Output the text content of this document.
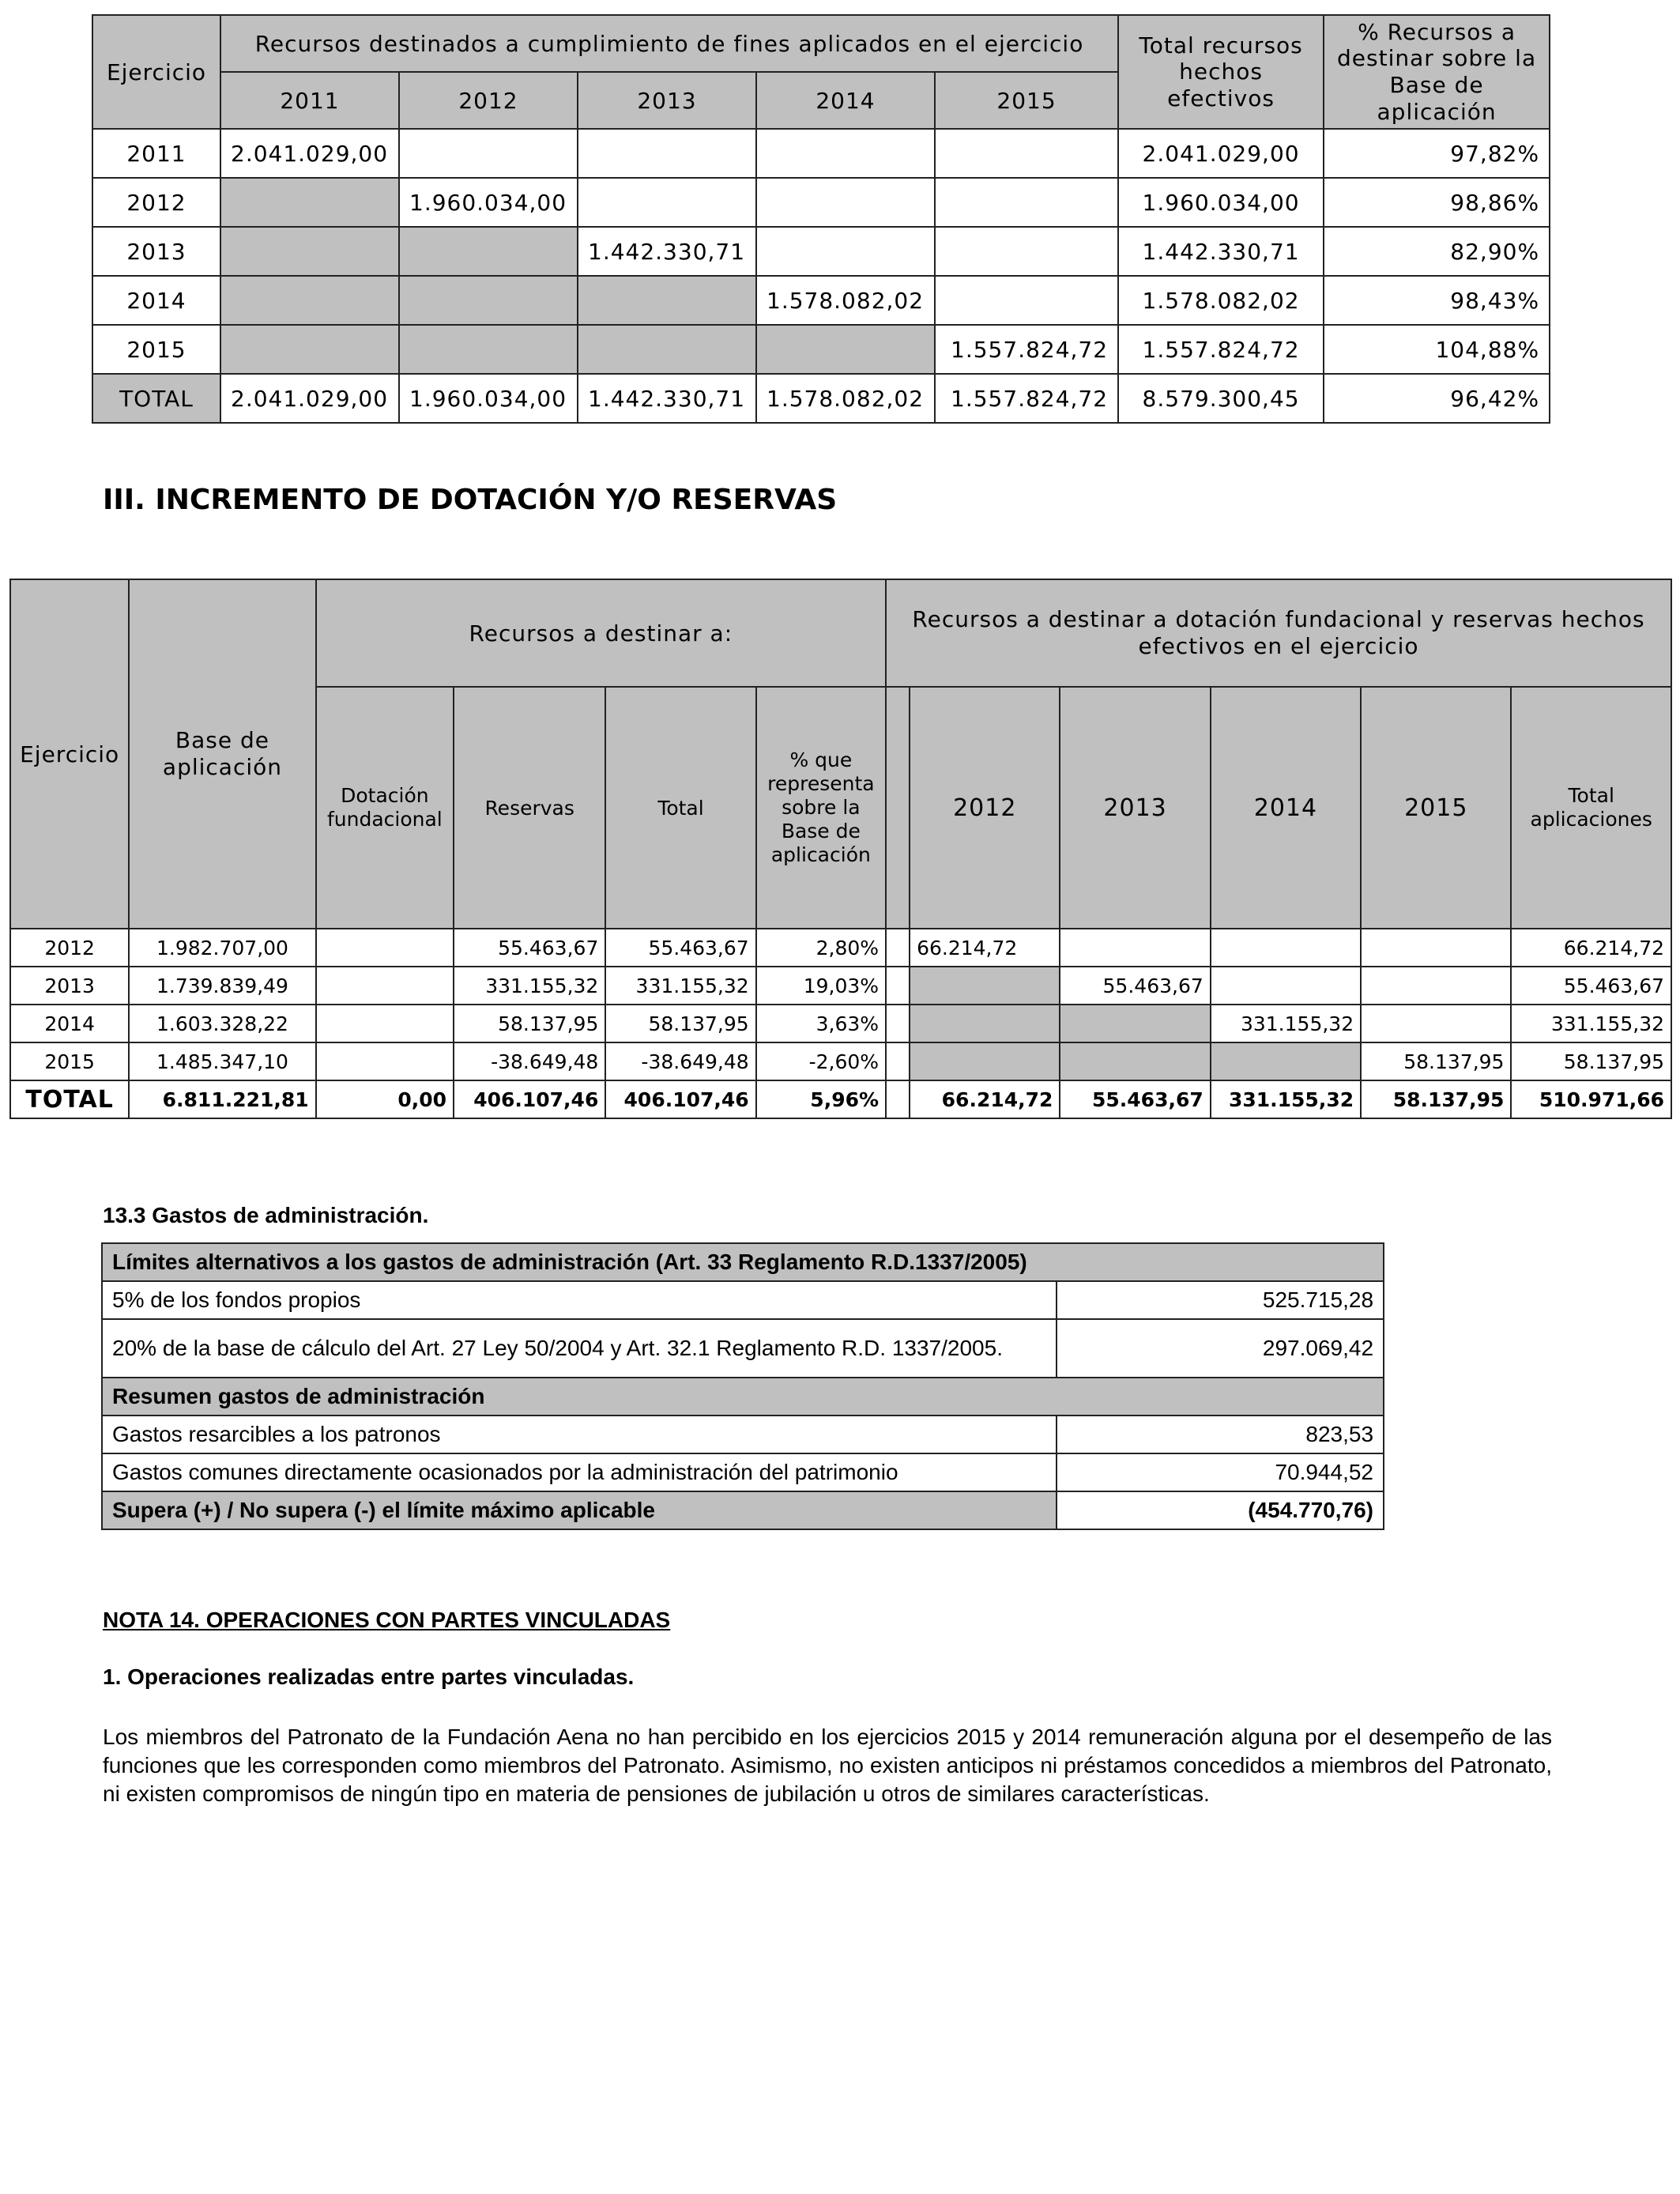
Ejercicio	Recursos destinados a cumplimiento de fines aplicados en el ejercicio					Total recursos hechos efectivos	% Recursos a destinar sobre la Base de aplicación
	2011	2012	2013	2014	2015		
2011	2.041.029,00					2.041.029,00	97,82%
2012		1.960.034,00				1.960.034,00	98,86%
2013			1.442.330,71			1.442.330,71	82,90%
2014				1.578.082,02		1.578.082,02	98,43%
2015					1.557.824,72	1.557.824,72	104,88%
TOTAL	2.041.029,00	1.960.034,00	1.442.330,71	1.578.082,02	1.557.824,72	8.579.300,45	96,42%
III. INCREMENTO DE DOTACIÓN Y/O RESERVAS
Ejercicio	Base de aplicación	Recursos a destinar a:				Recursos a destinar a dotación fundacional y reservas hechos efectivos en el ejercicio					
		Dotación fundacional	Reservas	Total	% que representa sobre la Base de aplicación		2012	2013	2014	2015	Total aplicaciones
2012	1.982.707,00		55.463,67	55.463,67	2,80%		66.214,72				66.214,72
2013	1.739.839,49		331.155,32	331.155,32	19,03%			55.463,67			55.463,67
2014	1.603.328,22		58.137,95	58.137,95	3,63%				331.155,32		331.155,32
2015	1.485.347,10		-38.649,48	-38.649,48	-2,60%					58.137,95	58.137,95
TOTAL	6.811.221,81	0,00	406.107,46	406.107,46	5,96%		66.214,72	55.463,67	331.155,32	58.137,95	510.971,66
13.3 Gastos de administración.
Límites alternativos a los gastos de administración (Art. 33 Reglamento R.D.1337/2005)	
5% de los fondos propios	525.715,28
20% de la base de cálculo del Art. 27 Ley 50/2004 y Art. 32.1 Reglamento R.D. 1337/2005.	297.069,42
Resumen gastos de administración	
Gastos resarcibles a los patronos	823,53
Gastos comunes directamente ocasionados por la administración del patrimonio	70.944,52
Supera (+) / No supera (-) el límite máximo aplicable	(454.770,76)
NOTA 14. OPERACIONES CON PARTES VINCULADAS
1. Operaciones realizadas entre partes vinculadas.
Los miembros del Patronato de la Fundación Aena no han percibido en los ejercicios 2015 y 2014 remuneración alguna por el desempeño de las funciones que les corresponden como miembros del Patronato. Asimismo, no existen anticipos ni préstamos concedidos a miembros del Patronato, ni existen compromisos de ningún tipo en materia de pensiones de jubilación u otros de similares características.
